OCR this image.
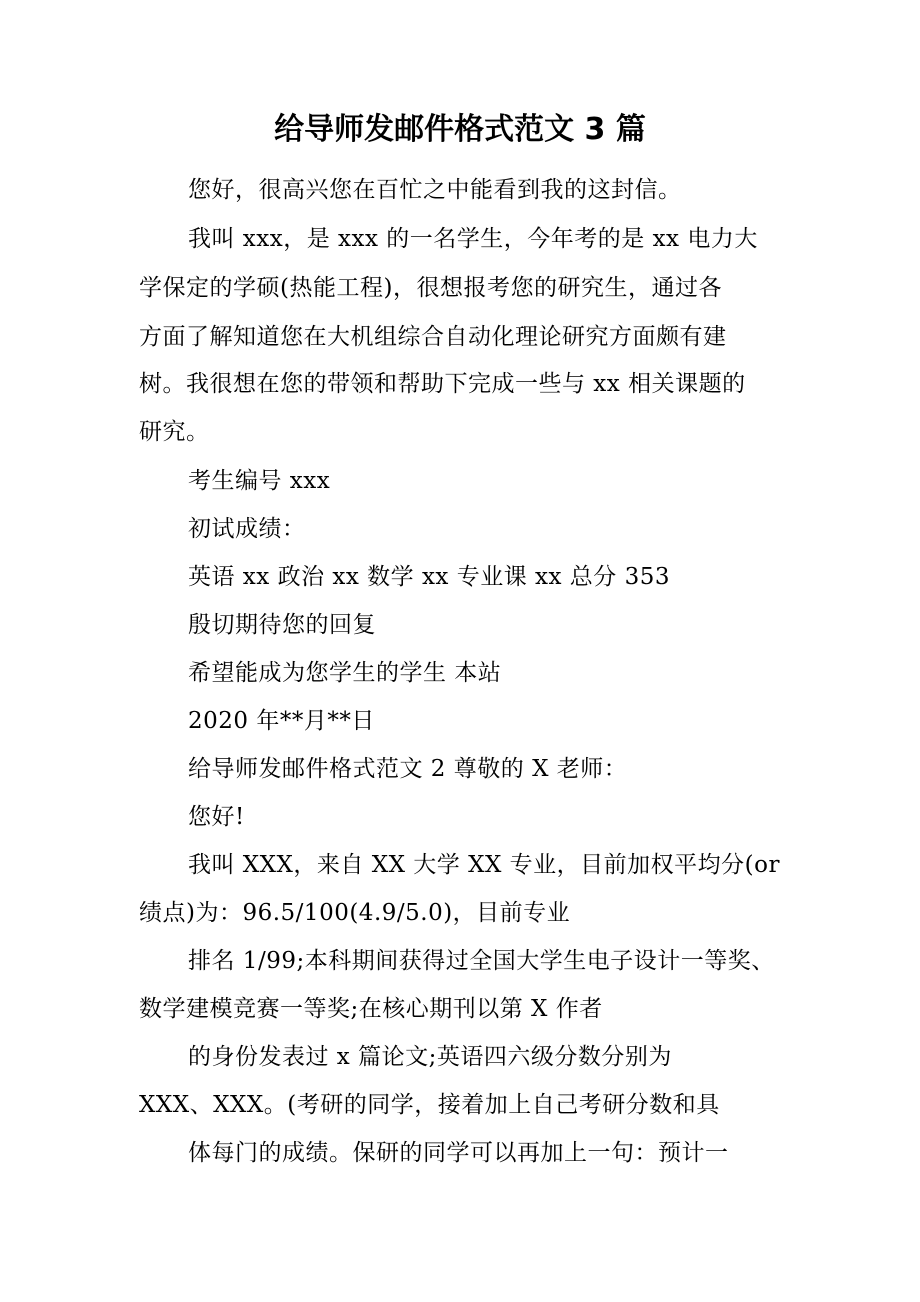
给导师发邮件格式范文 3 篇
您好，很高兴您在百忙之中能看到我的这封信。
我叫 xxx，是 xxx 的一名学生，今年考的是 xx 电力大
学保定的学硕(热能工程)，很想报考您的研究生，通过各
方面了解知道您在大机组综合自动化理论研究方面颇有建
树。我很想在您的带领和帮助下完成一些与 xx 相关课题的
研究。
考生编号 xxx
初试成绩：
英语 xx 政治 xx 数学 xx 专业课 xx 总分 353
殷切期待您的回复
希望能成为您学生的学生 本站
2020 年**月**日
给导师发邮件格式范文 2 尊敬的 X 老师：
您好!
我叫 XXX，来自 XX 大学 XX 专业，目前加权平均分(or
绩点)为：96.5/100(4.9/5.0)，目前专业
排名 1/99;本科期间获得过全国大学生电子设计一等奖、
数学建模竞赛一等奖;在核心期刊以第 X 作者
的身份发表过 x 篇论文;英语四六级分数分别为
XXX、XXX。(考研的同学，接着加上自己考研分数和具
体每门的成绩。保研的同学可以再加上一句：预计一
